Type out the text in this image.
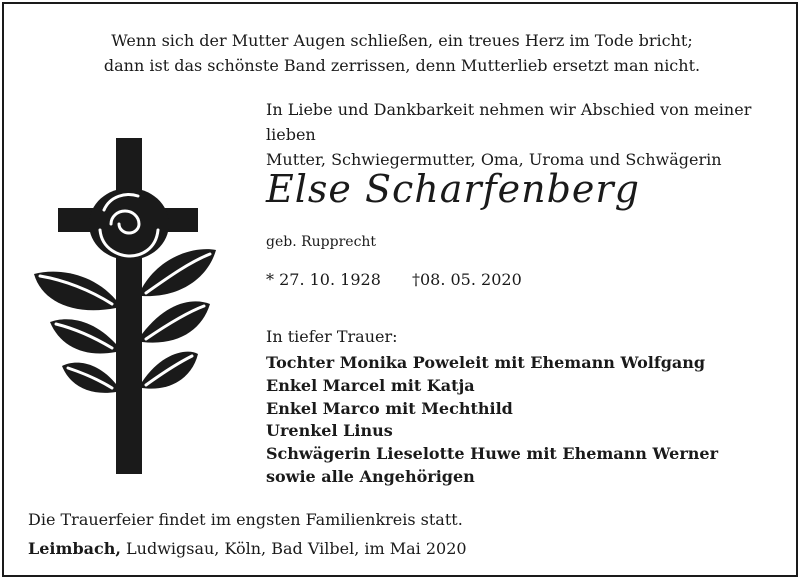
Wenn sich der Mutter Augen schließen, ein treues Herz im Tode bricht;
dann ist das schönste Band zerrissen, denn Mutterlieb ersetzt man nicht.
In Liebe und Dankbarkeit nehmen wir Abschied von meiner lieben
Mutter, Schwiegermutter, Oma, Uroma und Schwägerin
Else Scharfenberg
geb. Rupprecht
* 27. 10. 1928 †08. 05. 2020
In tiefer Trauer:
Tochter Monika Poweleit mit Ehemann Wolfgang
Enkel Marcel mit Katja
Enkel Marco mit Mechthild
Urenkel Linus
Schwägerin Lieselotte Huwe mit Ehemann Werner
sowie alle Angehörigen
Die Trauerfeier findet im engsten Familienkreis statt.
Leimbach, Ludwigsau, Köln, Bad Vilbel, im Mai 2020
